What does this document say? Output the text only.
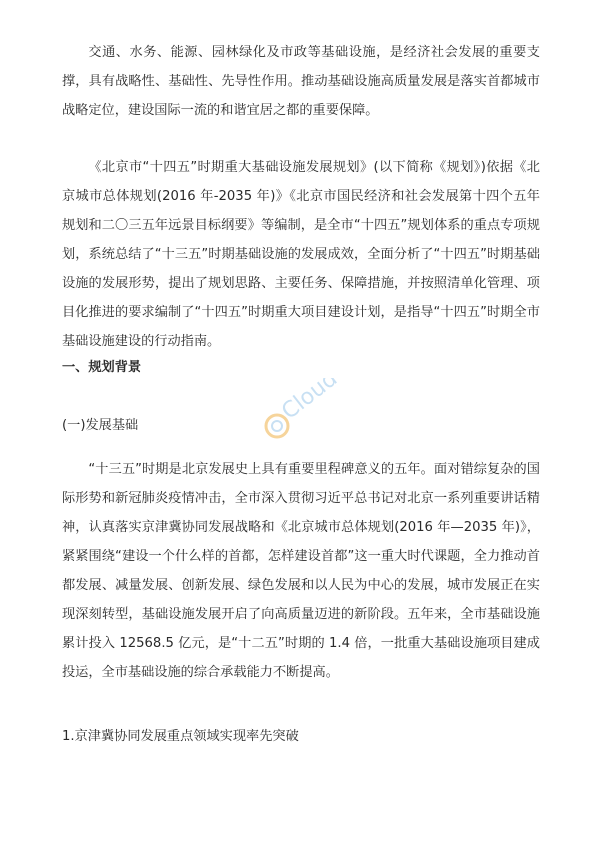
交通、水务、能源、园林绿化及市政等基础设施，是经济社会发展的重要支撑，具有战略性、基础性、先导性作用。推动基础设施高质量发展是落实首都城市战略定位，建设国际一流的和谐宜居之都的重要保障。

《北京市“十四五”时期重大基础设施发展规划》(以下简称《规划》)依据《北京城市总体规划(2016 年-2035 年)》《北京市国民经济和社会发展第十四个五年规划和二〇三五年远景目标纲要》等编制，是全市“十四五”规划体系的重点专项规划，系统总结了“十三五”时期基础设施的发展成效，全面分析了“十四五”时期基础设施的发展形势，提出了规划思路、主要任务、保障措施，并按照清单化管理、项目化推进的要求编制了“十四五”时期重大项目建设计划，是指导“十四五”时期全市基础设施建设的行动指南。

一、规划背景

(一)发展基础

“十三五”时期是北京发展史上具有重要里程碑意义的五年。面对错综复杂的国际形势和新冠肺炎疫情冲击，全市深入贯彻习近平总书记对北京一系列重要讲话精神，认真落实京津冀协同发展战略和《北京城市总体规划(2016 年—2035 年)》，紧紧围绕“建设一个什么样的首都，怎样建设首都”这一重大时代课题，全力推动首都发展、减量发展、创新发展、绿色发展和以人民为中心的发展，城市发展正在实现深刻转型，基础设施发展开启了向高质量迈进的新阶段。五年来，全市基础设施累计投入 12568.5 亿元，是“十二五”时期的 1.4 倍，一批重大基础设施项目建成投运，全市基础设施的综合承载能力不断提高。

1.京津冀协同发展重点领域实现率先突破

Cloud
